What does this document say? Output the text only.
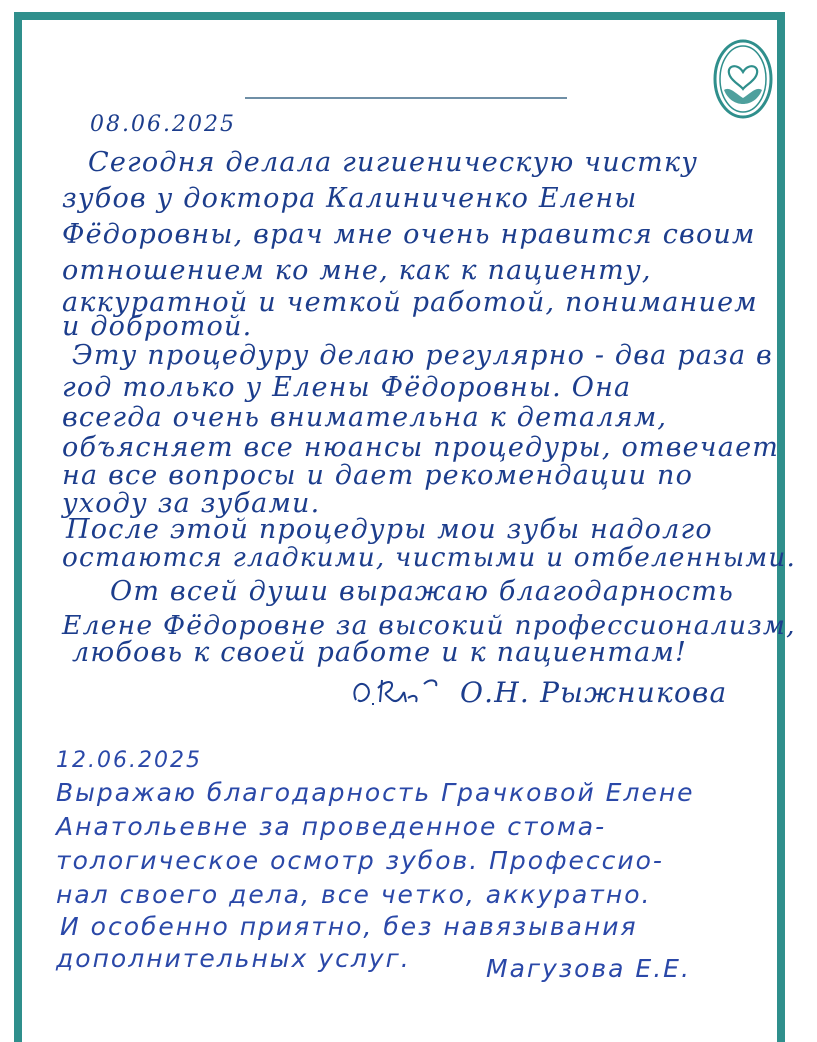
08.06.2025
Сегодня делала гигиеническую чистку
зубов у доктора Калиниченко Елены
Фёдоровны, врач мне очень нравится своим
отношением ко мне, как к пациенту,
аккуратной и четкой работой, пониманием
и добротой.
Эту процедуру делаю регулярно - два раза в
год только у Елены Фёдоровны. Она
всегда очень внимательна к деталям,
объясняет все нюансы процедуры, отвечает
на все вопросы и дает рекомендации по
уходу за зубами.
После этой процедуры мои зубы надолго
остаются гладкими, чистыми и отбеленными.
От всей души выражаю благодарность
Елене Фёдоровне за высокий профессионализм,
любовь к своей работе и к пациентам!
О.Н. Рыжникова
12.06.2025
Выражаю благодарность Грачковой Елене
Анатольевне за проведенное стома-
тологическое осмотр зубов. Профессио-
нал своего дела, все четко, аккуратно.
И особенно приятно, без навязывания
дополнительных услуг.	Магузова Е.Е.
